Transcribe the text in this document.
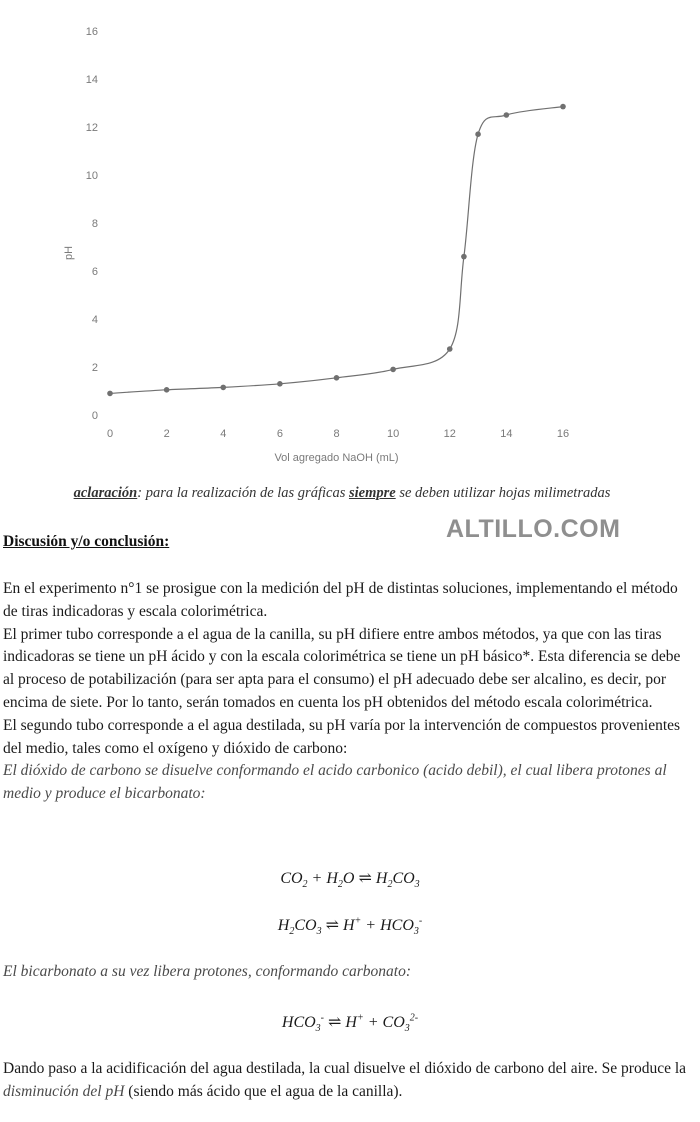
0
2
4
6
8
10
12
14
16
0	2	4	6	8	10	12	14	16
Vol agregado NaOH (mL)
pH
aclaración: para la realización de las gráficas siempre se deben utilizar hojas milimetradas
ALTILLO.COM
Discusión y/o conclusión:

En el experimento n°1 se prosigue con la medición del pH de distintas soluciones, implementando el método de tiras indicadoras y escala colorimétrica.

El primer tubo corresponde a el agua de la canilla, su pH difiere entre ambos métodos, ya que con las tiras indicadoras se tiene un pH ácido y con la escala colorimétrica se tiene un pH básico*. Esta diferencia se debe al proceso de potabilización (para ser apta para el consumo) el pH adecuado debe ser alcalino, es decir, por encima de siete. Por lo tanto, serán tomados en cuenta los pH obtenidos del método escala colorimétrica.

El segundo tubo corresponde a el agua destilada, su pH varía por la intervención de compuestos provenientes del medio, tales como el oxígeno y dióxido de carbono:

El dióxido de carbono se disuelve conformando el acido carbonico (acido debil), el cual libera protones al medio y produce el bicarbonato:

$CO_2 + H_2O$ ⇌ $H_2CO_3$
$H_2CO_3$ ⇌ $H^+ + HCO_3^-$
El bicarbonato a su vez libera protones, conformando carbonato:
$HCO_3^-$ ⇌ $H^+ + CO_3^{2-}$
Dando paso a la acidificación del agua destilada, la cual disuelve el dióxido de carbono del aire. Se produce la disminución del pH (siendo más ácido que el agua de la canilla).
